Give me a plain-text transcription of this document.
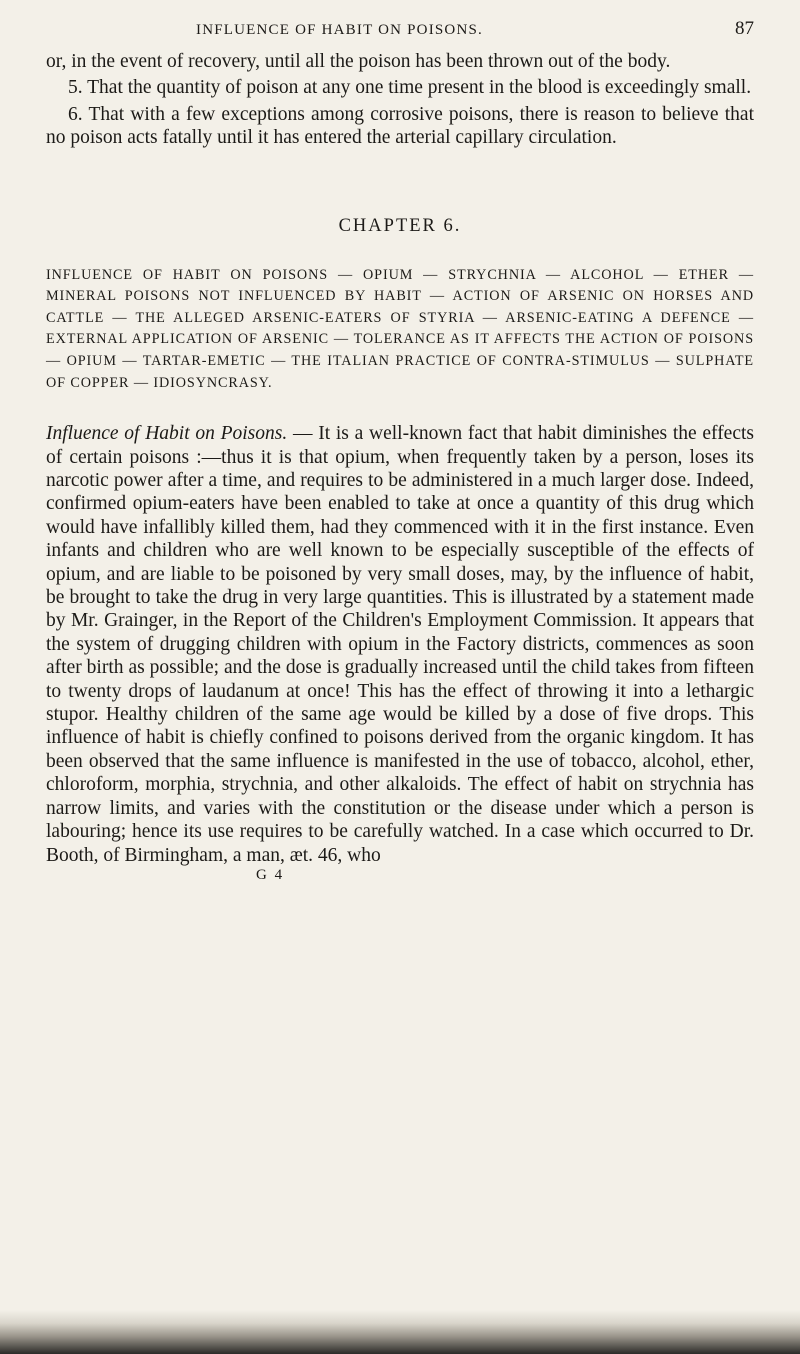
INFLUENCE OF HABIT ON POISONS.	87

or, in the event of recovery, until all the poison has been thrown out of the body.

5. That the quantity of poison at any one time present in the blood is exceedingly small.

6. That with a few exceptions among corrosive poisons, there is reason to believe that no poison acts fatally until it has entered the arterial capillary circulation.

CHAPTER 6.
INFLUENCE OF HABIT ON POISONS — OPIUM — STRYCHNIA — ALCOHOL — ETHER — MINERAL POISONS NOT INFLUENCED BY HABIT — ACTION OF ARSENIC ON HORSES AND CATTLE — THE ALLEGED ARSENIC-EATERS OF STYRIA — ARSENIC-EATING A DEFENCE — EXTERNAL APPLICATION OF ARSENIC — TOLERANCE AS IT AFFECTS THE ACTION OF POISONS — OPIUM — TARTAR-EMETIC — THE ITALIAN PRACTICE OF CONTRA-STIMULUS — SULPHATE OF COPPER — IDIOSYNCRASY.

Influence of Habit on Poisons. — It is a well-known fact that habit diminishes the effects of certain poisons :—thus it is that opium, when frequently taken by a person, loses its narcotic power after a time, and requires to be administered in a much larger dose. Indeed, confirmed opium-eaters have been enabled to take at once a quantity of this drug which would have infallibly killed them, had they commenced with it in the first instance. Even infants and children who are well known to be especially susceptible of the effects of opium, and are liable to be poisoned by very small doses, may, by the influence of habit, be brought to take the drug in very large quantities. This is illustrated by a statement made by Mr. Grainger, in the Report of the Children's Employment Commission. It appears that the system of drugging children with opium in the Factory districts, commences as soon after birth as possible; and the dose is gradually increased until the child takes from fifteen to twenty drops of laudanum at once! This has the effect of throwing it into a lethargic stupor. Healthy children of the same age would be killed by a dose of five drops. This influence of habit is chiefly confined to poisons derived from the organic kingdom. It has been observed that the same influence is manifested in the use of tobacco, alcohol, ether, chloroform, morphia, strychnia, and other alkaloids. The effect of habit on strychnia has narrow limits, and varies with the constitution or the disease under which a person is labouring; hence its use requires to be carefully watched. In a case which occurred to Dr. Booth, of Birmingham, a man, æt. 46, who

G 4
